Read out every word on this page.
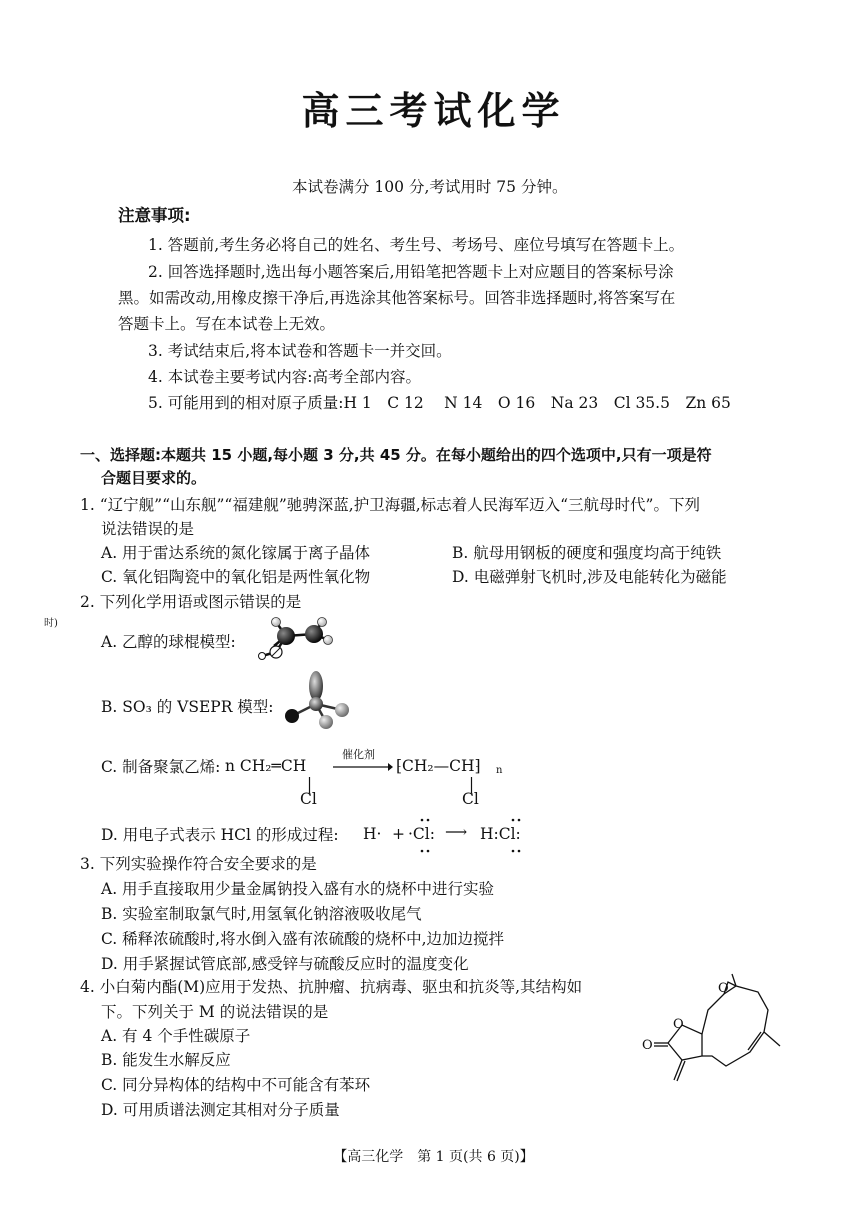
高三考试化学
本试卷满分 100 分,考试用时 75 分钟。
注意事项:
1. 答题前,考生务必将自己的姓名、考生号、考场号、座位号填写在答题卡上。
2. 回答选择题时,选出每小题答案后,用铅笔把答题卡上对应题目的答案标号涂
黑。如需改动,用橡皮擦干净后,再选涂其他答案标号。回答非选择题时,将答案写在
答题卡上。写在本试卷上无效。
3. 考试结束后,将本试卷和答题卡一并交回。
4. 本试卷主要考试内容:高考全部内容。
5. 可能用到的相对原子质量:H 1　C 12　 N 14　O 16　Na 23　Cl 35.5　Zn 65
一、选择题:本题共 15 小题,每小题 3 分,共 45 分。在每小题给出的四个选项中,只有一项是符
合题目要求的。
1. “辽宁舰”“山东舰”“福建舰”驰骋深蓝,护卫海疆,标志着人民海军迈入“三航母时代”。下列
说法错误的是
A. 用于雷达系统的氮化镓属于离子晶体	B. 航母用钢板的硬度和强度均高于纯铁
C. 氧化铝陶瓷中的氧化铝是两性氧化物	D. 电磁弹射飞机时,涉及电能转化为磁能
时)
2. 下列化学用语或图示错误的是
A. 乙醇的球棍模型:
B. SO₃ 的 VSEPR 模型:
C. 制备聚氯乙烯: n CH₂═CH
Cl
催化剂
→ ⁅CH₂—CH⁆ n
Cl
D. 用电子式表示 HCl 的形成过程: H· + ·Cl: ⟶ H:Cl:
3. 下列实验操作符合安全要求的是
A. 用手直接取用少量金属钠投入盛有水的烧杯中进行实验
B. 实验室制取氯气时,用氢氧化钠溶液吸收尾气
C. 稀释浓硫酸时,将水倒入盛有浓硫酸的烧杯中,边加边搅拌
D. 用手紧握试管底部,感受锌与硫酸反应时的温度变化
4. 小白菊内酯(M)应用于发热、抗肿瘤、抗病毒、驱虫和抗炎等,其结构如
下。下列关于 M 的说法错误的是
A. 有 4 个手性碳原子
B. 能发生水解反应
C. 同分异构体的结构中不可能含有苯环
D. 可用质谱法测定其相对分子质量
O
O
O
【高三化学　第 1 页(共 6 页)】
